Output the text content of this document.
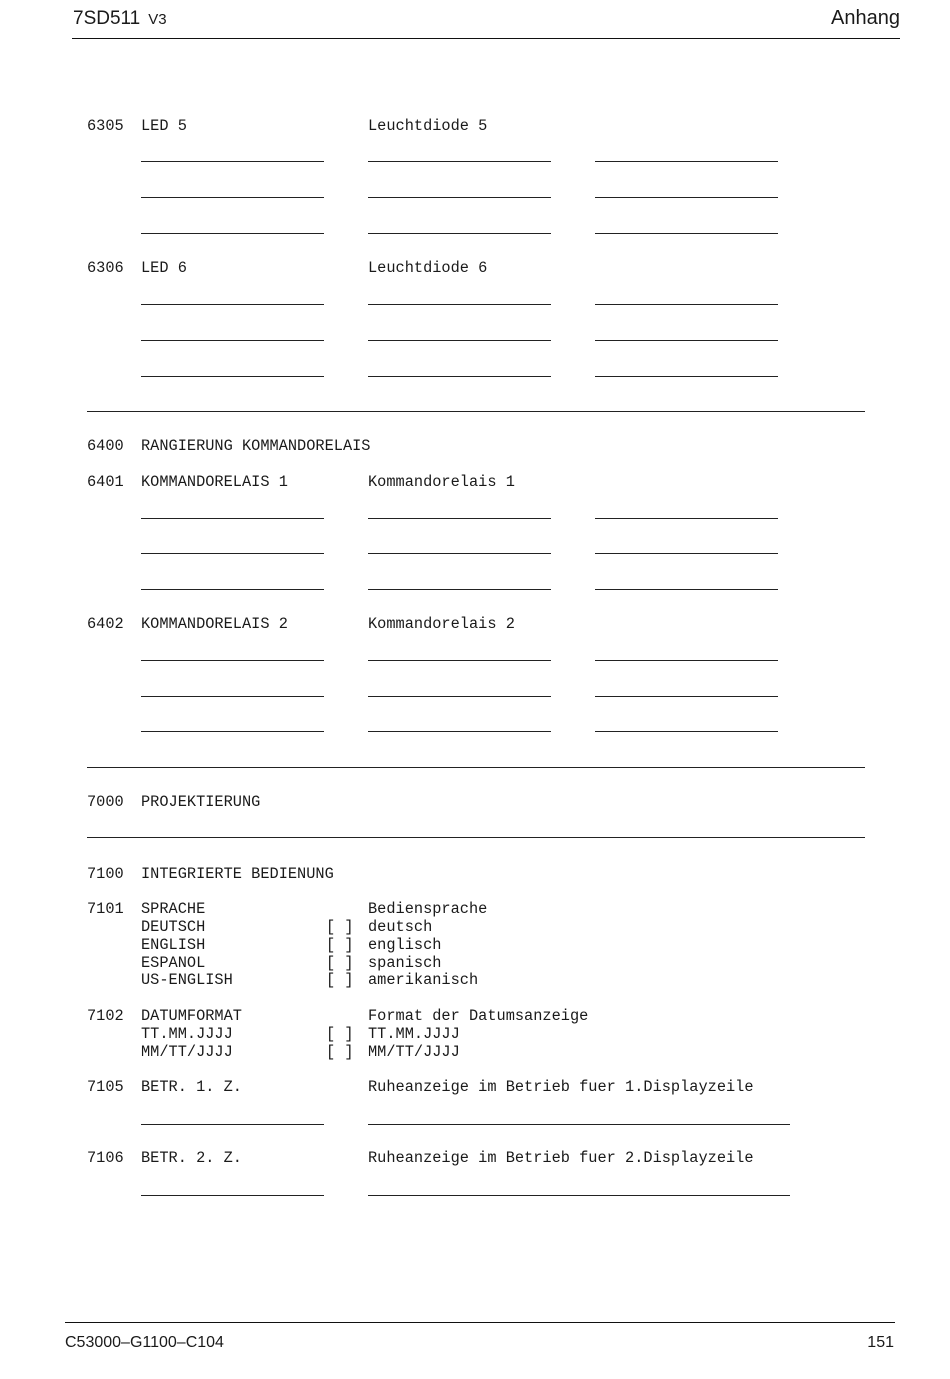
7SD511 V3	Anhang
6305 LED 5	Leuchtdiode 5
6306 LED 6	Leuchtdiode 6
6400 RANGIERUNG KOMMANDORELAIS
6401 KOMMANDORELAIS 1	Kommandorelais 1
6402 KOMMANDORELAIS 2	Kommandorelais 2
7000 PROJEKTIERUNG
7100 INTEGRIERTE BEDIENUNG
7101 SPRACHE	Bediensprache
DEUTSCH	[ ] deutsch
ENGLISH	[ ] englisch
ESPANOL	[ ] spanisch
US-ENGLISH	[ ] amerikanisch
7102 DATUMFORMAT	Format der Datumsanzeige
TT.MM.JJJJ	[ ] TT.MM.JJJJ
MM/TT/JJJJ	[ ] MM/TT/JJJJ
7105 BETR. 1. Z.	Ruheanzeige im Betrieb fuer 1.Displayzeile
7106 BETR. 2. Z.	Ruheanzeige im Betrieb fuer 2.Displayzeile
C53000–G1100–C104	151
